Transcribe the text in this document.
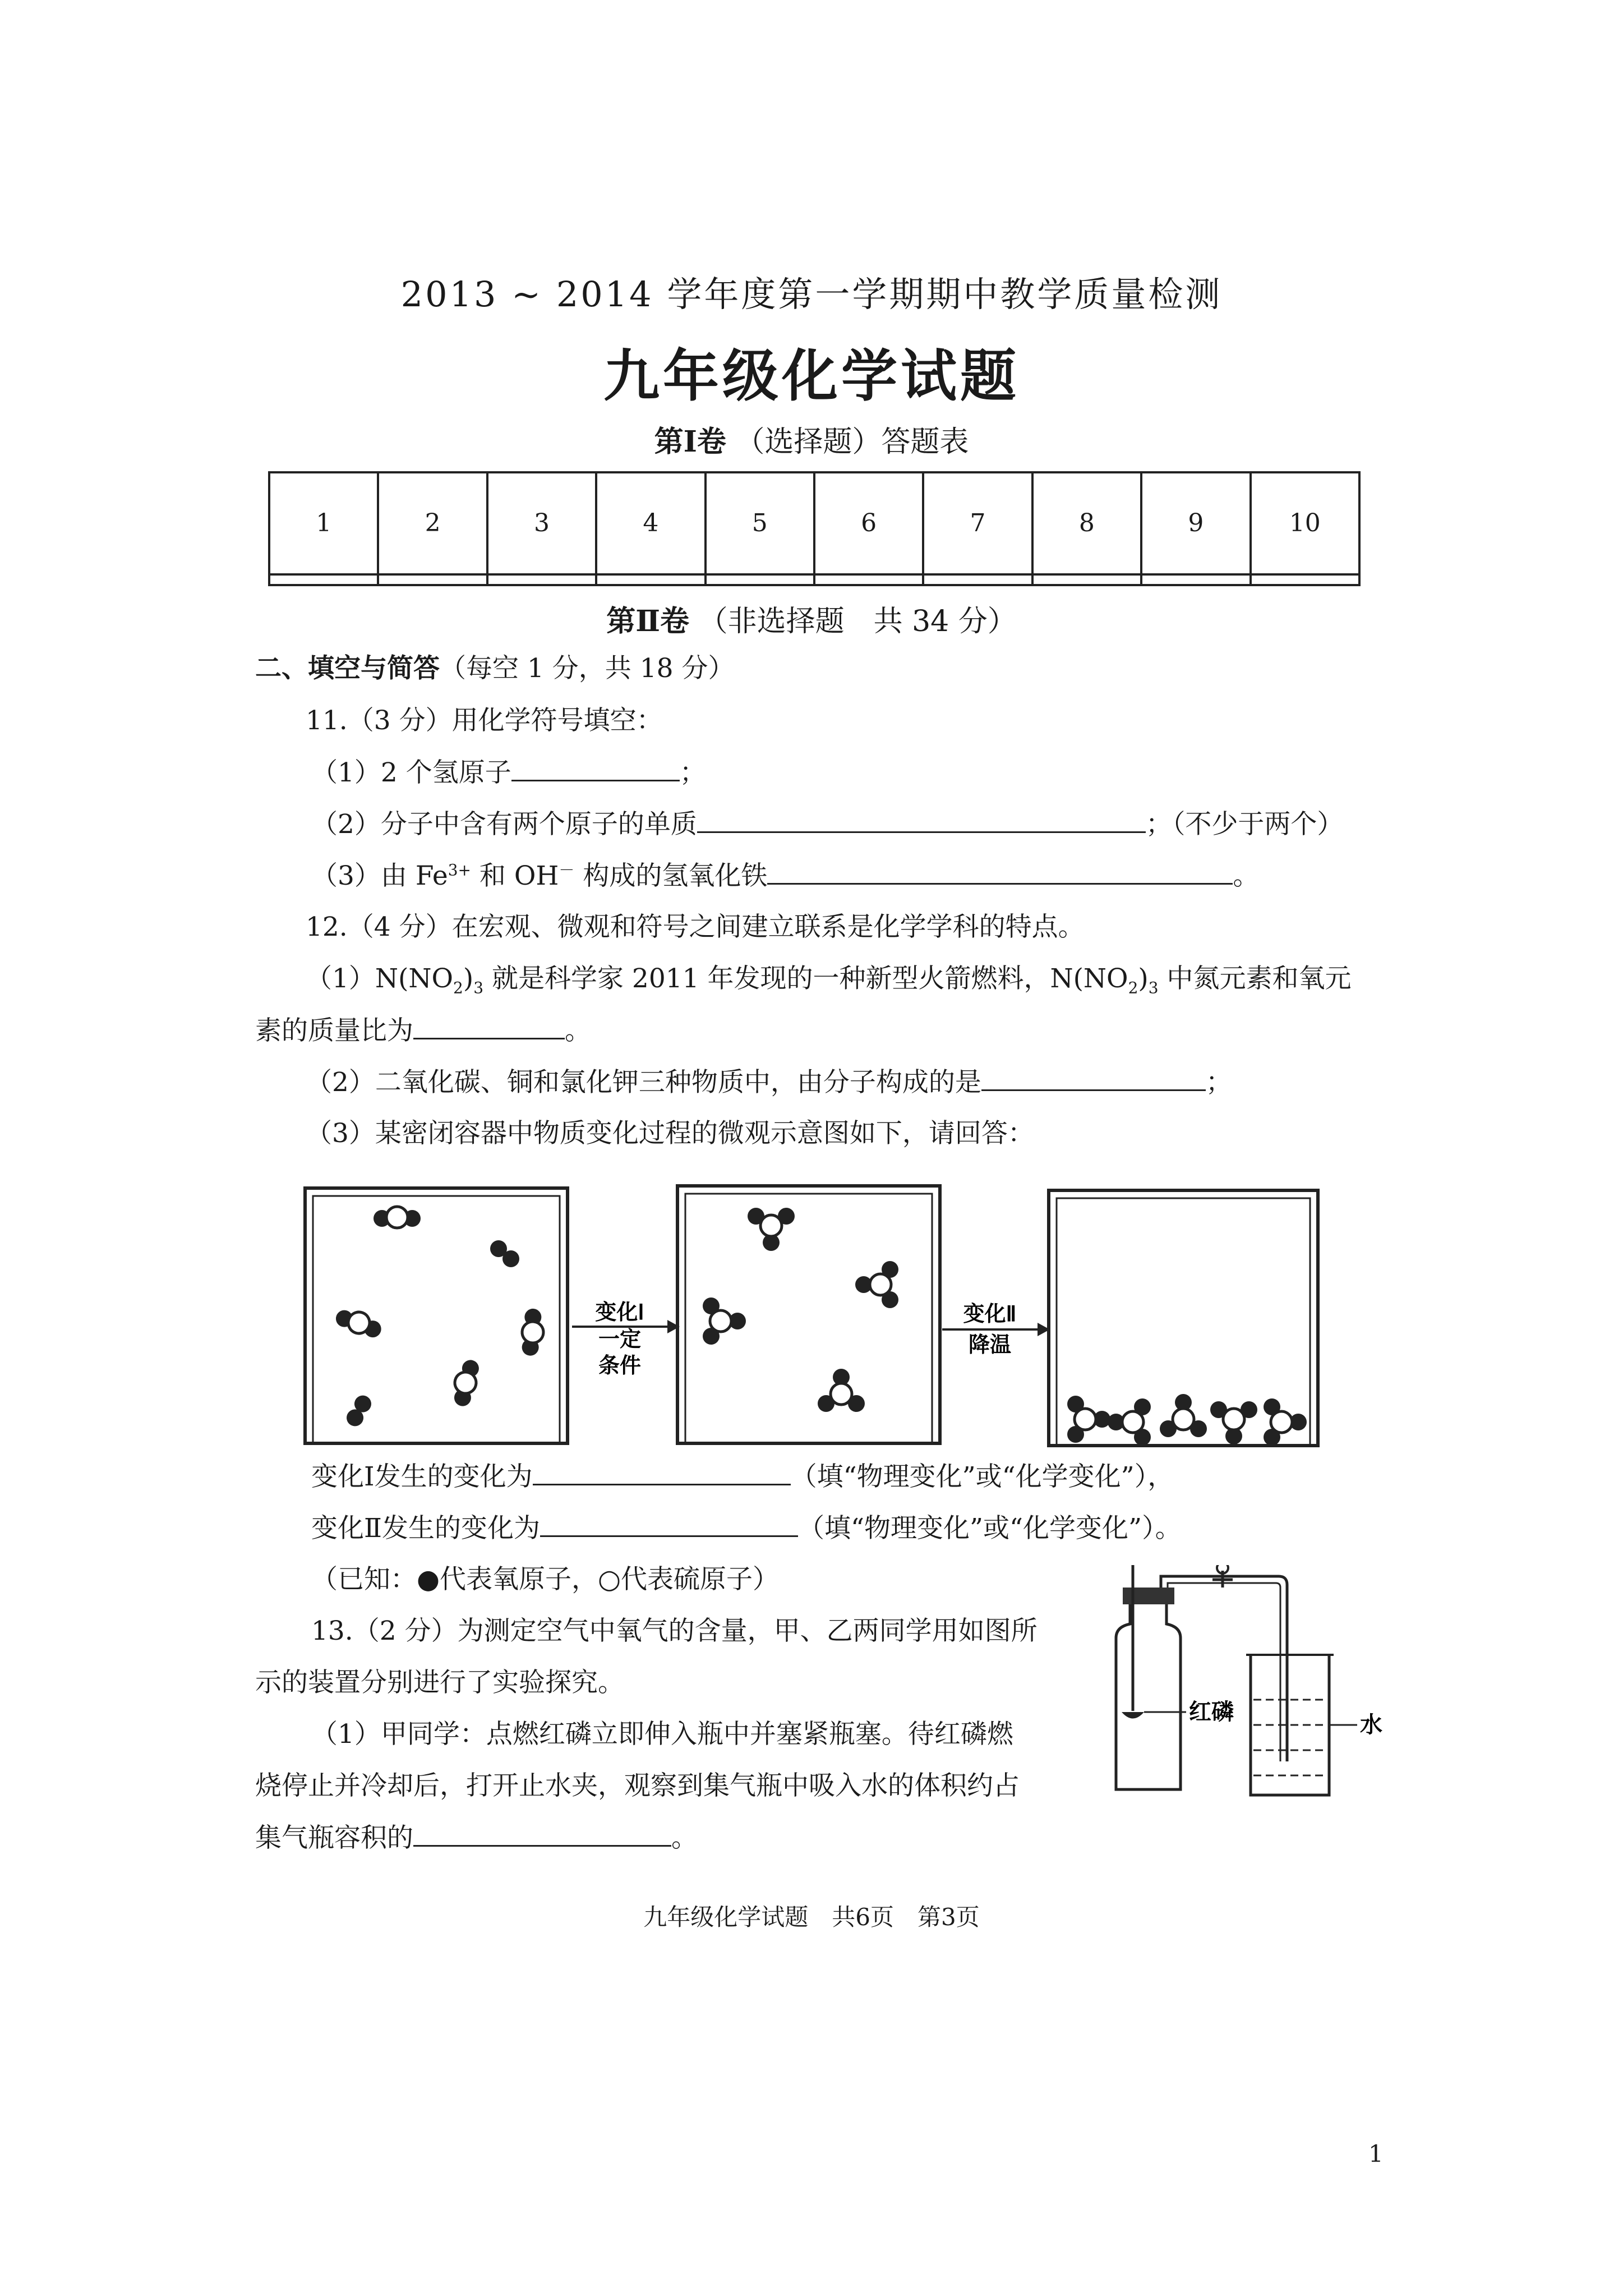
2013 ~ 2014 学年度第一学期期中教学质量检测
九年级化学试题
第Ⅰ卷 （选择题）答题表
1	2	3	4	5	6	7	8	9	10

第Ⅱ卷 （非选择题　共 34 分）
二、填空与简答（每空 1 分，共 18 分）
11.（3 分）用化学符号填空：
（1）2 个氢原子	；
（2）分子中含有两个原子的单质	；（不少于两个）
（3）由 $Fe^{3+}$ 和 OH－ 构成的氢氧化铁	。
12.（4 分）在宏观、微观和符号之间建立联系是化学学科的特点。
$(1)N(NO_2)_3$ 就是科学家 2011 年发现的一种新型火箭燃料，$N(NO_2)_3$ 中氮元素和氧元
素的质量比为	。
（2）二氧化碳、铜和氯化钾三种物质中，由分子构成的是	；
（3）某密闭容器中物质变化过程的微观示意图如下，请回答：
变化Ⅰ
一定
条件
变化Ⅱ
降温
变化Ⅰ发生的变化为	（填“物理变化”或“化学变化”），
变化Ⅱ发生的变化为	（填“物理变化”或“化学变化”）。
（已知：●代表氧原子，○代表硫原子）
13.（2 分）为测定空气中氧气的含量，甲、乙两同学用如图所
示的装置分别进行了实验探究。
（1）甲同学：点燃红磷立即伸入瓶中并塞紧瓶塞。待红磷燃
烧停止并冷却后，打开止水夹，观察到集气瓶中吸入水的体积约占
集气瓶容积的	。
红磷
水
九年级化学试题　共6页　第3页
1
